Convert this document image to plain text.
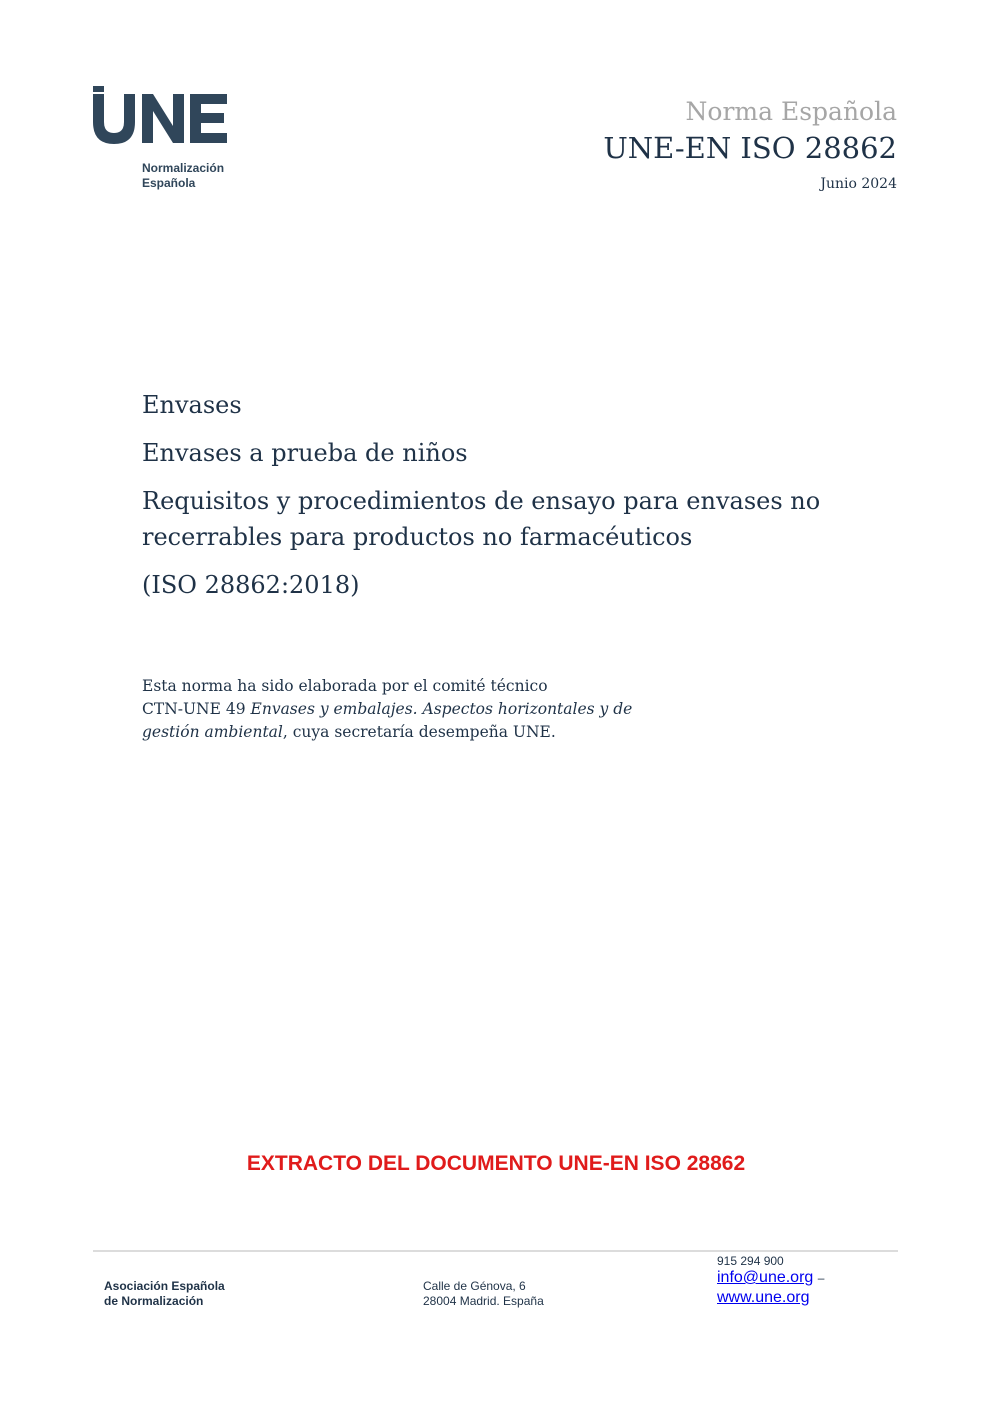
Normalización
Española
Norma Española
UNE-EN ISO 28862
Junio 2024
Envases
Envases a prueba de niños
Requisitos y procedimientos de ensayo para envases no recerrables para productos no farmacéuticos
(ISO 28862:2018)
Esta norma ha sido elaborada por el comité técnico
CTN-UNE 49 Envases y embalajes. Aspectos horizontales y de gestión ambiental, cuya secretaría desempeña UNE.
EXTRACTO DEL DOCUMENTO UNE-EN ISO 28862
Asociación Española
de Normalización
Calle de Génova, 6
28004 Madrid. España
915 294 900
info@une.org –
www.une.org
